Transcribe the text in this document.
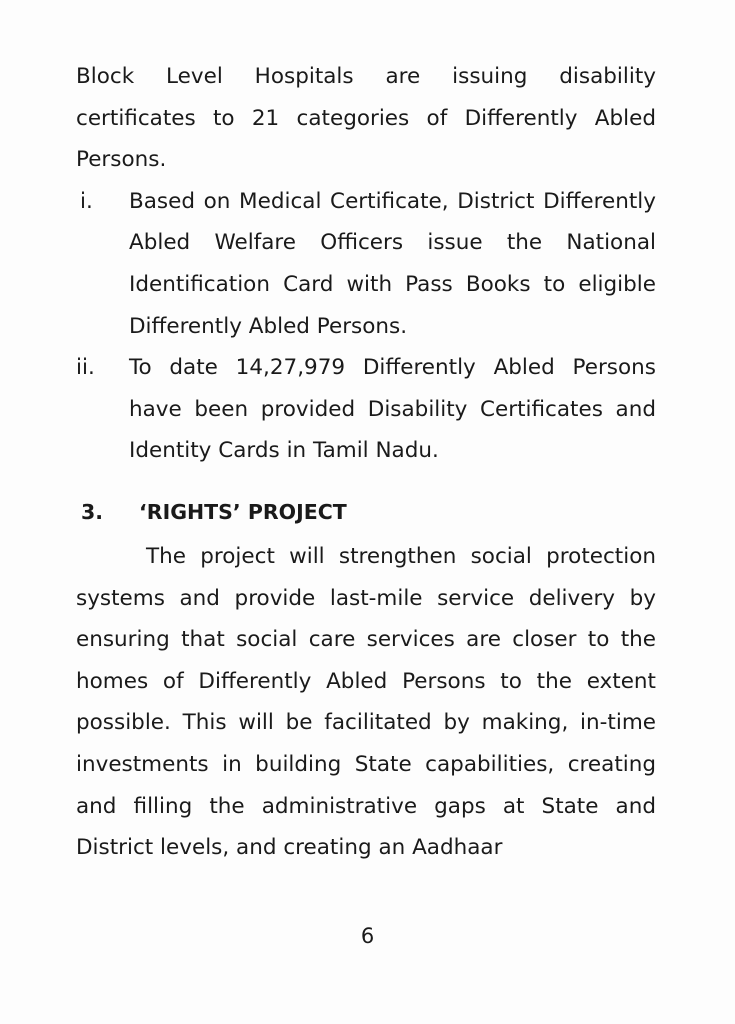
Block Level Hospitals are issuing disability certificates to 21 categories of Differently Abled Persons.

i.	Based on Medical Certificate, District Differently Abled Welfare Officers issue the National Identification Card with Pass Books to eligible Differently Abled Persons.

ii.	To date 14,27,979 Differently Abled Persons have been provided Disability Certificates and Identity Cards in Tamil Nadu.

3. ‘RIGHTS’ PROJECT

The project will strengthen social protection systems and provide last-mile service delivery by ensuring that social care services are closer to the homes of Differently Abled Persons to the extent possible. This will be facilitated by making, in-time investments in building State capabilities, creating and filling the administrative gaps at State and District levels, and creating an Aadhaar

6
